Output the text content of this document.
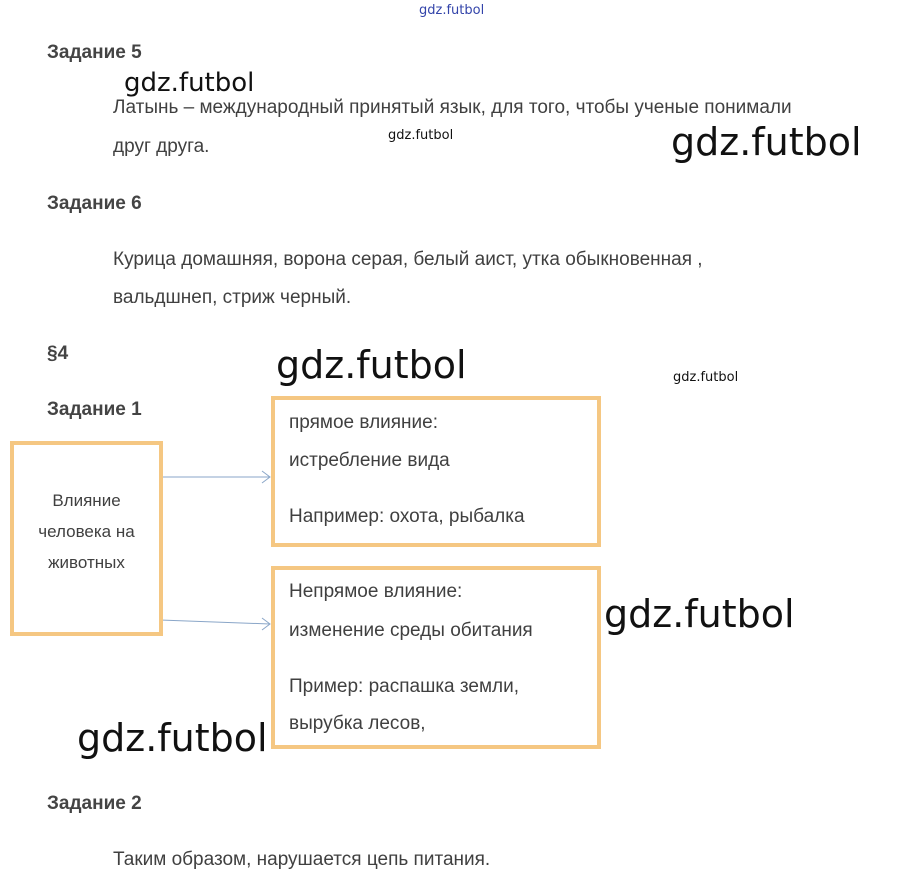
gdz.futbol
Задание 5
gdz.futbol
Латынь – международный принятый язык, для того, чтобы ученые понимали
gdz.futbol
друг друга.	gdz.futbol
Задание 6
Курица домашняя, ворона серая, белый аист, утка обыкновенная ,
вальдшнеп, стриж черный.
§4	gdz.futbol	gdz.futbol
Задание 1
Влияние
человека на
животных
прямое влияние:
истребление вида
Например: охота, рыбалка
Непрямое влияние:
изменение среды обитания
Пример: распашка земли,
вырубка лесов,
gdz.futbol
gdz.futbol
Задание 2
Таким образом, нарушается цепь питания.
